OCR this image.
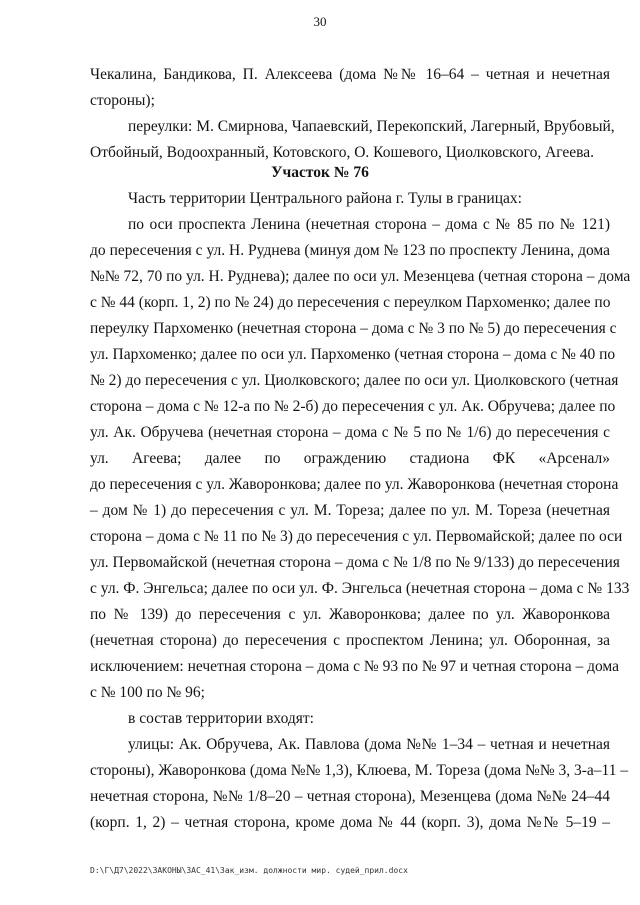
30
Чекалина, Бандикова, П. Алексеева (дома №№ 16–64 – четная и нечетная
стороны);
переулки: М. Смирнова, Чапаевский, Перекопский, Лагерный, Врубовый,
Отбойный, Водоохранный, Котовского, О. Кошевого, Циолковского, Агеева.
Участок № 76
Часть территории Центрального района г. Тулы в границах:
по оси проспекта Ленина (нечетная сторона – дома с № 85 по № 121)
до пересечения с ул. Н. Руднева (минуя дом № 123 по проспекту Ленина, дома
№№ 72, 70 по ул. Н. Руднева); далее по оси ул. Мезенцева (четная сторона – дома
с № 44 (корп. 1, 2) по № 24) до пересечения с переулком Пархоменко; далее по
переулку Пархоменко (нечетная сторона – дома с № 3 по № 5) до пересечения с
ул. Пархоменко; далее по оси ул. Пархоменко (четная сторона – дома с № 40 по
№ 2) до пересечения с ул. Циолковского; далее по оси ул. Циолковского (четная
сторона – дома с № 12-а по № 2-б) до пересечения с ул. Ак. Обручева; далее по
ул. Ак. Обручева (нечетная сторона – дома с № 5 по № 1/6) до пересечения с
ул. Агеева; далее по ограждению стадиона ФК «Арсенал»
до пересечения с ул. Жаворонкова; далее по ул. Жаворонкова (нечетная сторона
– дом № 1) до пересечения с ул. М. Тореза; далее по ул. М. Тореза (нечетная
сторона – дома с № 11 по № 3) до пересечения с ул. Первомайской; далее по оси
ул. Первомайской (нечетная сторона – дома с № 1/8 по № 9/133) до пересечения
с ул. Ф. Энгельса; далее по оси ул. Ф. Энгельса (нечетная сторона – дома с № 133
по № 139) до пересечения с ул. Жаворонкова; далее по ул. Жаворонкова
(нечетная сторона) до пересечения с проспектом Ленина; ул. Оборонная, за
исключением: нечетная сторона – дома с № 93 по № 97 и четная сторона – дома
с № 100 по № 96;
в состав территории входят:
улицы: Ак. Обручева, Ак. Павлова (дома №№ 1–34 – четная и нечетная
стороны), Жаворонкова (дома №№ 1,3), Клюева, М. Тореза (дома №№ 3, 3-а–11 –
нечетная сторона, №№ 1/8–20 – четная сторона), Мезенцева (дома №№ 24–44
(корп. 1, 2) – четная сторона, кроме дома № 44 (корп. 3), дома №№ 5–19 –
D:\Г\Д7\2022\ЗАКОНЫ\ЗАС_41\Зак_изм. должности мир. судей_прил.docx
